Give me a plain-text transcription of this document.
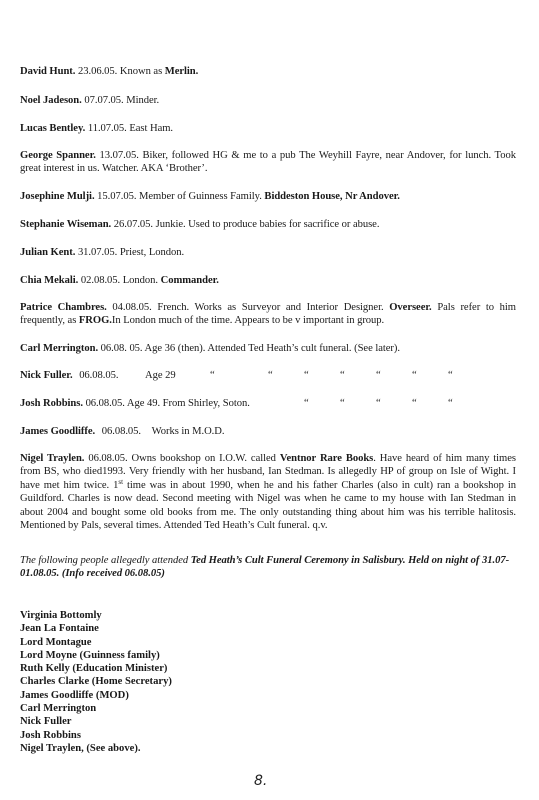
David Hunt. 23.06.05. Known as Merlin.
Noel Jadeson. 07.07.05. Minder.
Lucas Bentley. 11.07.05. East Ham.
George Spanner. 13.07.05. Biker, followed HG & me to a pub The Weyhill Fayre, near Andover, for lunch. Took great interest in us. Watcher. AKA ‘Brother’.
Josephine Mulji. 15.07.05. Member of Guinness Family. Biddeston House, Nr Andover.
Stephanie Wiseman. 26.07.05. Junkie. Used to produce babies for sacrifice or abuse.
Julian Kent. 31.07.05. Priest, London.
Chia Mekali. 02.08.05. London. Commander.
Patrice Chambres. 04.08.05. French. Works as Surveyor and Interior Designer. Overseer. Pals refer to him frequently, as FROG.In London much of the time. Appears to be v important in group.
Carl Merrington. 06.08. 05. Age 36 (then). Attended Ted Heath’s cult funeral. (See later).
Nick Fuller. 06.08.05.	Age 29	“	“	“	“	“	“	“
Josh Robbins. 06.08.05. Age 49. From Shirley, Soton.	“	“	“	“	“
James Goodliffe. 06.08.05. Works in M.O.D.
Nigel Traylen. 06.08.05. Owns bookshop on I.O.W. called Ventnor Rare Books. Have heard of him many times from BS, who died1993. Very friendly with her husband, Ian Stedman. Is allegedly HP of group on Isle of Wight. I have met him twice. 1st time was in about 1990, when he and his father Charles (also in cult) ran a bookshop in Guildford. Charles is now dead. Second meeting with Nigel was when he came to my house with Ian Stedman in about 2004 and bought some old books from me. The only outstanding thing about him was his terrible halitosis. Mentioned by Pals, several times. Attended Ted Heath’s Cult funeral. q.v.
The following people allegedly attended Ted Heath’s Cult Funeral Ceremony in Salisbury. Held on night of 31.07-01.08.05. (Info received 06.08.05)
Virginia Bottomly
Jean La Fontaine
Lord Montague
Lord Moyne (Guinness family)
Ruth Kelly (Education Minister)
Charles Clarke (Home Secretary)
James Goodliffe (MOD)
Carl Merrington
Nick Fuller
Josh Robbins
Nigel Traylen, (See above).
8.
